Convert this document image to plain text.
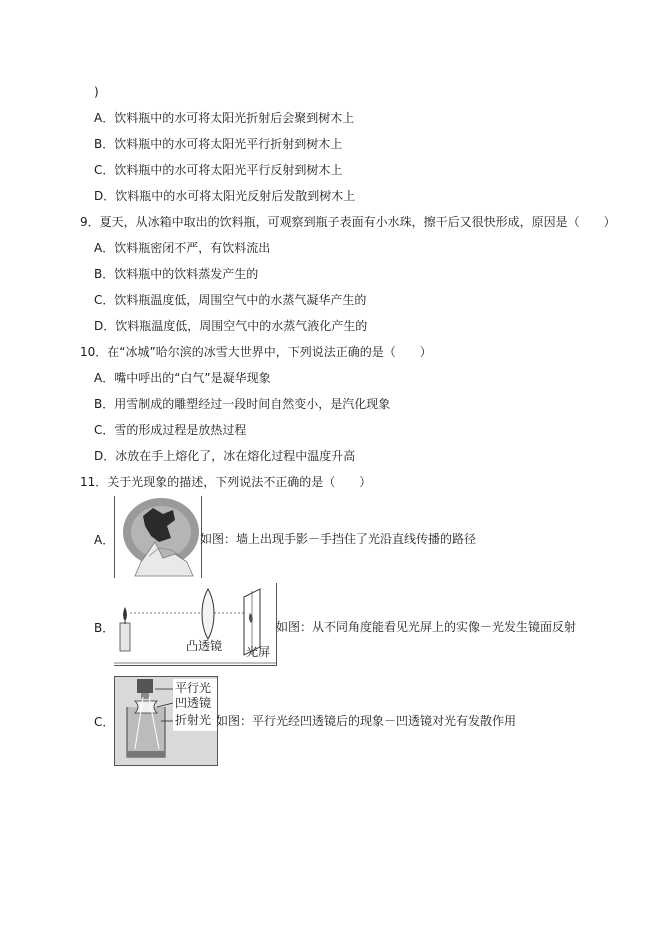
)
A．饮料瓶中的水可将太阳光折射后会聚到树木上
B．饮料瓶中的水可将太阳光平行折射到树木上
C．饮料瓶中的水可将太阳光平行反射到树木上
D．饮料瓶中的水可将太阳光反射后发散到树木上
9．夏天，从冰箱中取出的饮料瓶，可观察到瓶子表面有小水珠，擦干后又很快形成，原因是（　　）
A．饮料瓶密闭不严，有饮料流出
B．饮料瓶中的饮料蒸发产生的
C．饮料瓶温度低，周围空气中的水蒸气凝华产生的
D．饮料瓶温度低，周围空气中的水蒸气液化产生的
10．在“冰城”哈尔滨的冰雪大世界中，下列说法正确的是（　　）
A．嘴中呼出的“白气”是凝华现象
B．用雪制成的雕塑经过一段时间自然变小，是汽化现象
C．雪的形成过程是放热过程
D．冰放在手上熔化了，冰在熔化过程中温度升高
11．关于光现象的描述，下列说法不正确的是（　　）
A．	如图：墙上出现手影－手挡住了光沿直线传播的路径
B．
凸透镜 光屏
如图：从不同角度能看见光屏上的实像－光发生镜面反射
C．
平行光
凹透镜
折射光 如图：平行光经凹透镜后的现象－凹透镜对光有发散作用
